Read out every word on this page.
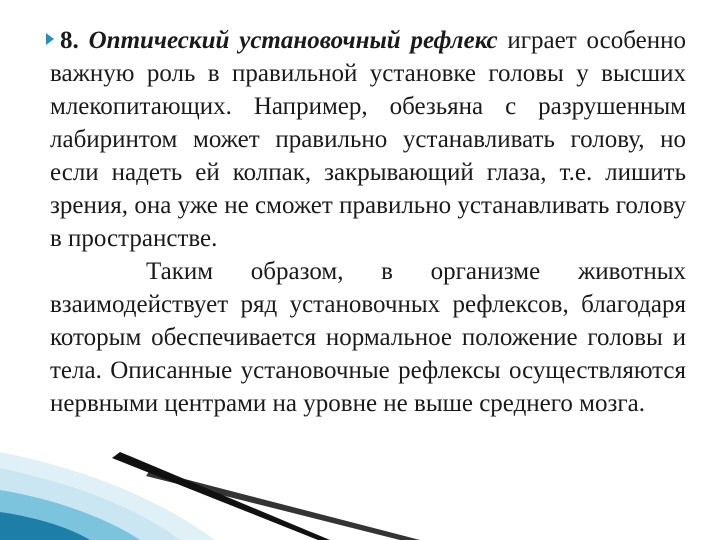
8. Оптический установочный рефлекс играет особенно важную роль в правильной установке головы у высших млекопитающих. Например, обезьяна с разрушенным лабиринтом может правильно устанавливать голову, но если надеть ей колпак, закрывающий глаза, т.е. лишить зрения, она уже не сможет правильно устанавливать голову в пространстве.

Таким образом, в организме животных взаимодействует ряд установочных рефлексов, благодаря которым обеспечивается нормальное положение головы и тела. Описанные установочные рефлексы осуществляются нервными центрами на уровне не выше среднего мозга.
